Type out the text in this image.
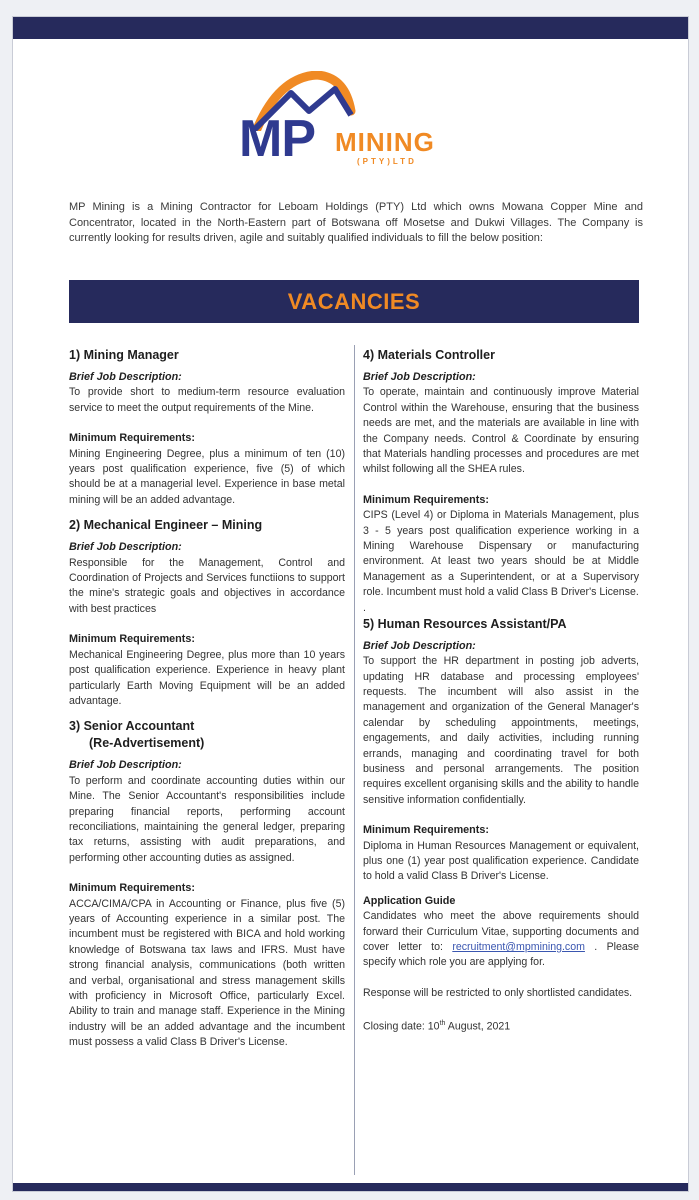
MP MINING
(PTY)LTD

MP Mining is a Mining Contractor for Leboam Holdings (PTY) Ltd which owns Mowana Copper Mine and Concentrator, located in the North-Eastern part of Botswana off Mosetse and Dukwi Villages. The Company is currently looking for results driven, agile and suitably qualified individuals to fill the below position:

VACANCIES
1) Mining Manager
Brief Job Description:

To provide short to medium-term resource evaluation service to meet the output requirements of the Mine.

Minimum Requirements:

Mining Engineering Degree, plus a minimum of ten (10) years post qualification experience, five (5) of which should be at a managerial level. Experience in base metal mining will be an added advantage.

2) Mechanical Engineer – Mining
Brief Job Description:

Responsible for the Management, Control and Coordination of Projects and Services functiions to support the mine's strategic goals and objectives in accordance with best practices

Minimum Requirements:

Mechanical Engineering Degree, plus more than 10 years post qualification experience. Experience in heavy plant particularly Earth Moving Equipment will be an added advantage.

3) Senior Accountant
(Re-Advertisement)
Brief Job Description:

To perform and coordinate accounting duties within our Mine. The Senior Accountant's responsibilities include preparing financial reports, performing account reconciliations, maintaining the general ledger, preparing tax returns, assisting with audit preparations, and performing other accounting duties as assigned.

Minimum Requirements:

ACCA/CIMA/CPA in Accounting or Finance, plus five (5) years of Accounting experience in a similar post. The incumbent must be registered with BICA and hold working knowledge of Botswana tax laws and IFRS. Must have strong financial analysis, communications (both written and verbal, organisational and stress management skills with proficiency in Microsoft Office, particularly Excel. Ability to train and manage staff. Experience in the Mining industry will be an added advantage and the incumbent must possess a valid Class B Driver's License.

4) Materials Controller
Brief Job Description:

To operate, maintain and continuously improve Material Control within the Warehouse, ensuring that the business needs are met, and the materials are available in line with the Company needs. Control & Coordinate by ensuring that Materials handling processes and procedures are met whilst following all the SHEA rules.

Minimum Requirements:

CIPS (Level 4) or Diploma in Materials Management, plus 3 - 5 years post qualification experience working in a Mining Warehouse Dispensary or manufacturing environment. At least two years should be at Middle Management as a Superintendent, or at a Supervisory role. Incumbent must hold a valid Class B Driver's License.

.
5) Human Resources Assistant/PA
Brief Job Description:

To support the HR department in posting job adverts, updating HR database and processing employees' requests. The incumbent will also assist in the management and organization of the General Manager's calendar by scheduling appointments, meetings, engagements, and daily activities, including running errands, managing and coordinating travel for both business and personal arrangements. The position requires excellent organising skills and the ability to handle sensitive information confidentially.

Minimum Requirements:

Diploma in Human Resources Management or equivalent, plus one (1) year post qualification experience. Candidate to hold a valid Class B Driver's License.

Application Guide

Candidates who meet the above requirements should forward their Curriculum Vitae, supporting documents and cover letter to: recruitment@mpmining.com . Please specify which role you are applying for.

Response will be restricted to only shortlisted candidates.

Closing date: 10th August, 2021
